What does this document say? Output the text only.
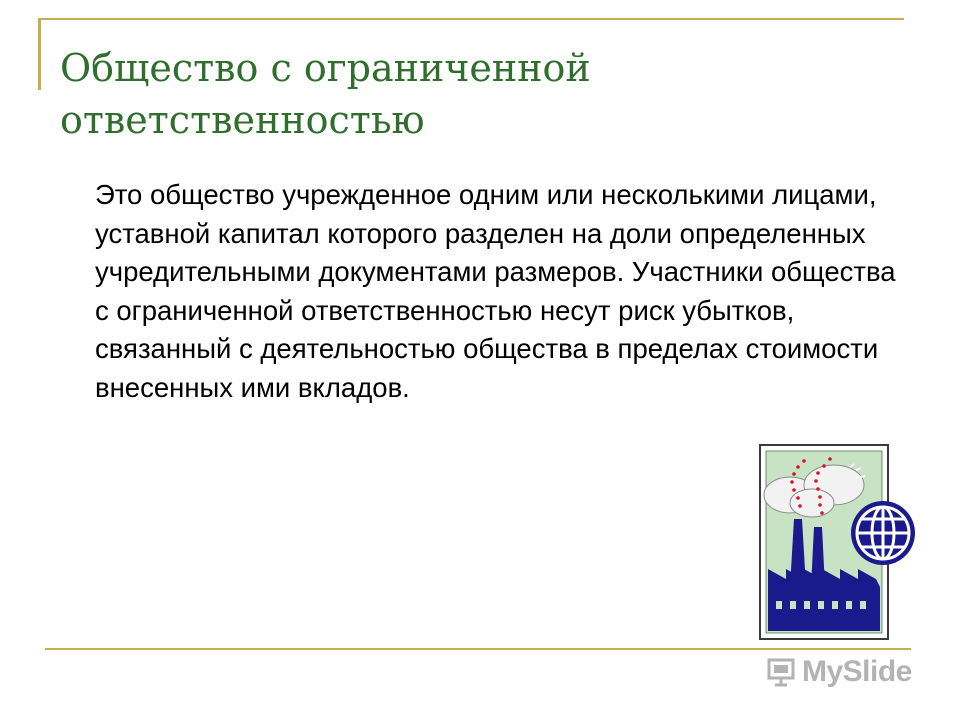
Общество с ограниченной ответственностью

Это общество учрежденное одним или несколькими лицами, уставной капитал которого разделен на доли определенных учредительными документами размеров. Участники общества с ограниченной ответственностью несут риск убытков, связанный с деятельностью общества в пределах стоимости внесенных ими вкладов.

MySlide
